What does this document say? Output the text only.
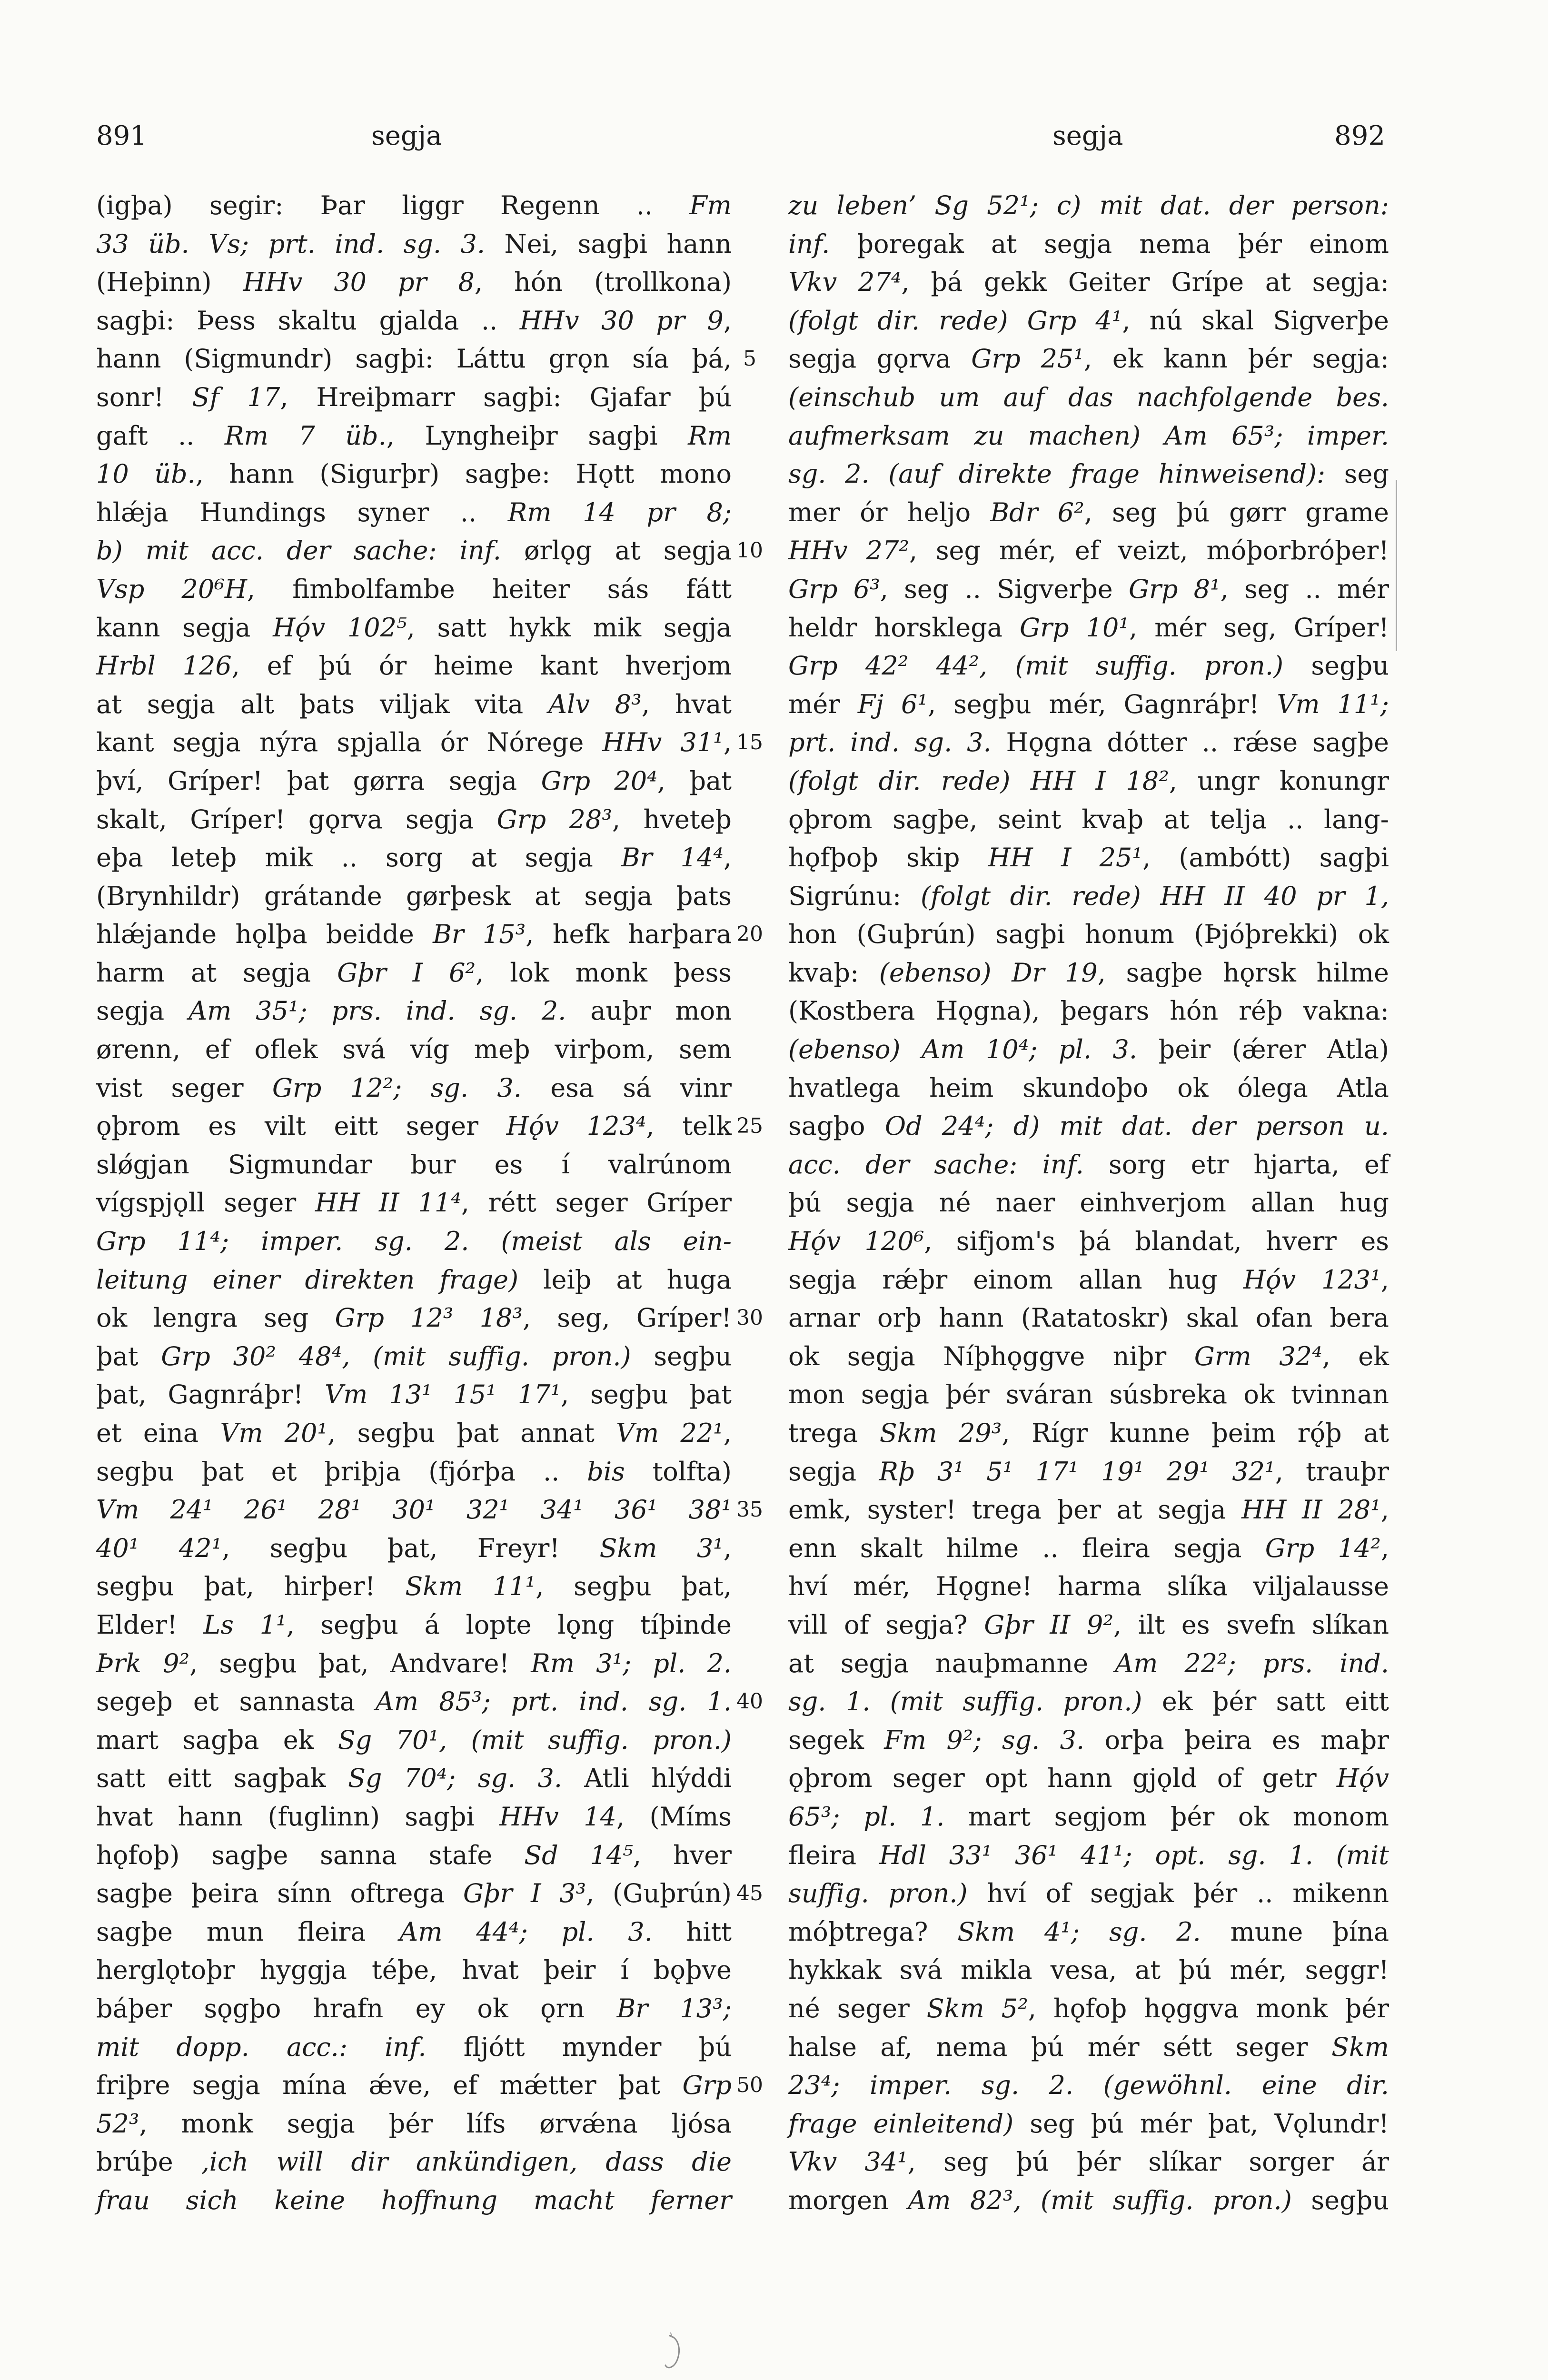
891	segja	segja	892
(igþa) segir: Þar liggr Regenn .. Fm
33 üb. Vs; prt. ind. sg. 3. Nei, sagþi hann
(Heþinn) HHv 30 pr 8, hón (trollkona)
sagþi: Þess skaltu gjalda .. HHv 30 pr 9,
hann (Sigmundr) sagþi: Láttu grǫn sía þá,
sonr! Sf 17, Hreiþmarr sagþi: Gjafar þú
gaft .. Rm 7 üb., Lyngheiþr sagþi Rm
10 üb., hann (Sigurþr) sagþe: Hǫtt mono
hlǽja Hundings syner .. Rm 14 pr 8;
b) mit acc. der sache: inf. ørlǫg at segja
Vsp 20⁶H, fimbolfambe heiter sás fátt
kann segja Hǫ́v 102⁵, satt hykk mik segja
Hrbl 126, ef þú ór heime kant hverjom
at segja alt þats viljak vita Alv 8³, hvat
kant segja nýra spjalla ór Nórege HHv 31¹,
því, Gríper! þat gørra segja Grp 20⁴, þat
skalt, Gríper! gǫrva segja Grp 28³, hveteþ
eþa leteþ mik .. sorg at segja Br 14⁴,
(Brynhildr) grátande gørþesk at segja þats
hlǽjande hǫlþa beidde Br 15³, hefk harþara
harm at segja Gþr I 6², lok monk þess
segja Am 35¹; prs. ind. sg. 2. auþr mon
ørenn, ef oflek svá víg meþ virþom, sem
vist seger Grp 12²; sg. 3. esa sá vinr
ǫþrom es vilt eitt seger Hǫ́v 123⁴, telk
slǿgjan Sigmundar bur es í valrúnom
vígspjǫll seger HH II 11⁴, rétt seger Gríper
Grp 11⁴; imper. sg. 2. (meist als ein-
leitung einer direkten frage) leiþ at huga
ok lengra seg Grp 12³ 18³, seg, Gríper!
þat Grp 30² 48⁴, (mit suffig. pron.) segþu
þat, Gagnráþr! Vm 13¹ 15¹ 17¹, segþu þat
et eina Vm 20¹, segþu þat annat Vm 22¹,
segþu þat et þriþja (fjórþa .. bis tolfta)
Vm 24¹ 26¹ 28¹ 30¹ 32¹ 34¹ 36¹ 38¹
40¹ 42¹, segþu þat, Freyr! Skm 3¹,
segþu þat, hirþer! Skm 11¹, segþu þat,
Elder! Ls 1¹, segþu á lopte lǫng tíþinde
Þrk 9², segþu þat, Andvare! Rm 3¹; pl. 2.
segeþ et sannasta Am 85³; prt. ind. sg. 1.
mart sagþa ek Sg 70¹, (mit suffig. pron.)
satt eitt sagþak Sg 70⁴; sg. 3. Atli hlýddi
hvat hann (fuglinn) sagþi HHv 14, (Míms
hǫfoþ) sagþe sanna stafe Sd 14⁵, hver
sagþe þeira sínn oftrega Gþr I 3³, (Guþrún)
sagþe mun fleira Am 44⁴; pl. 3. hitt
herglǫtoþr hyggja téþe, hvat þeir í bǫþve
báþer sǫgþo hrafn ey ok ǫrn Br 13³;
mit dopp. acc.: inf. fljótt mynder þú
friþre segja mína ǽve, ef mǽtter þat Grp
52³, monk segja þér lífs ørvǽna ljósa
brúþe ‚ich will dir ankündigen, dass die
frau sich keine hoffnung macht ferner
5
10
15
20
25
30
35
40
45
50
zu leben’ Sg 52¹; c) mit dat. der person:
inf. þoregak at segja nema þér einom
Vkv 27⁴, þá gekk Geiter Grípe at segja:
(folgt dir. rede) Grp 4¹, nú skal Sigverþe
segja gǫrva Grp 25¹, ek kann þér segja:
(einschub um auf das nachfolgende bes.
aufmerksam zu machen) Am 65³; imper.
sg. 2. (auf direkte frage hinweisend): seg
mer ór heljo Bdr 6², seg þú gørr grame
HHv 27², seg mér, ef veizt, móþorbróþer!
Grp 6³, seg .. Sigverþe Grp 8¹, seg .. mér
heldr horsklega Grp 10¹, mér seg, Gríper!
Grp 42² 44², (mit suffig. pron.) segþu
mér Fj 6¹, segþu mér, Gagnráþr! Vm 11¹;
prt. ind. sg. 3. Hǫgna dótter .. rǽse sagþe
(folgt dir. rede) HH I 18², ungr konungr
ǫþrom sagþe, seint kvaþ at telja .. lang-
hǫfþoþ skip HH I 25¹, (ambótt) sagþi
Sigrúnu: (folgt dir. rede) HH II 40 pr 1,
hon (Guþrún) sagþi honum (Þjóþrekki) ok
kvaþ: (ebenso) Dr 19, sagþe hǫrsk hilme
(Kostbera Hǫgna), þegars hón réþ vakna:
(ebenso) Am 10⁴; pl. 3. þeir (ǽrer Atla)
hvatlega heim skundoþo ok ólega Atla
sagþo Od 24⁴; d) mit dat. der person u.
acc. der sache: inf. sorg etr hjarta, ef
þú segja né naer einhverjom allan hug
Hǫ́v 120⁶, sifjom's þá blandat, hverr es
segja rǽþr einom allan hug Hǫ́v 123¹,
arnar orþ hann (Ratatoskr) skal ofan bera
ok segja Níþhǫggve niþr Grm 32⁴, ek
mon segja þér sváran súsbreka ok tvinnan
trega Skm 29³, Rígr kunne þeim rǫ́þ at
segja Rþ 3¹ 5¹ 17¹ 19¹ 29¹ 32¹, trauþr
emk, syster! trega þer at segja HH II 28¹,
enn skalt hilme .. fleira segja Grp 14²,
hví mér, Hǫgne! harma slíka viljalausse
vill of segja? Gþr II 9², ilt es svefn slíkan
at segja nauþmanne Am 22²; prs. ind.
sg. 1. (mit suffig. pron.) ek þér satt eitt
segek Fm 9²; sg. 3. orþa þeira es maþr
ǫþrom seger opt hann gjǫld of getr Hǫ́v
65³; pl. 1. mart segjom þér ok monom
fleira Hdl 33¹ 36¹ 41¹; opt. sg. 1. (mit
suffig. pron.) hví of segjak þér .. mikenn
móþtrega? Skm 4¹; sg. 2. mune þína
hykkak svá mikla vesa, at þú mér, seggr!
né seger Skm 5², hǫfoþ hǫggva monk þér
halse af, nema þú mér sétt seger Skm
23⁴; imper. sg. 2. (gewöhnl. eine dir.
frage einleitend) seg þú mér þat, Vǫlundr!
Vkv 34¹, seg þú þér slíkar sorger ár
morgen Am 82³, (mit suffig. pron.) segþu
